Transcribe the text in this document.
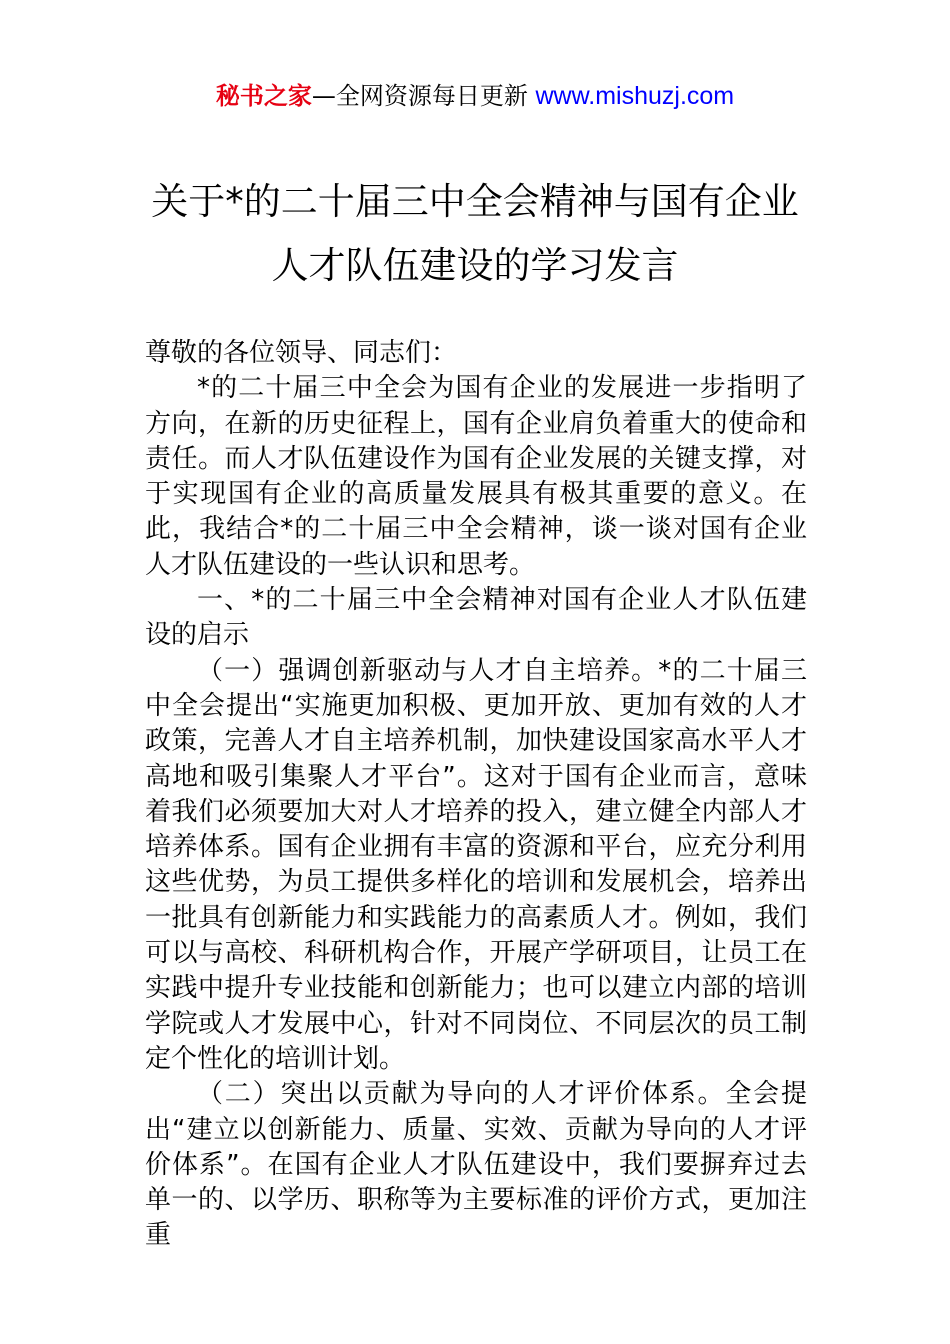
秘书之家—全网资源每日更新 www.mishuzj.com
关于*的二十届三中全会精神与国有企业
人才队伍建设的学习发言

尊敬的各位领导、同志们：

*的二十届三中全会为国有企业的发展进一步指明了方向，在新的历史征程上，国有企业肩负着重大的使命和责任。而人才队伍建设作为国有企业发展的关键支撑，对于实现国有企业的高质量发展具有极其重要的意义。在此，我结合*的二十届三中全会精神，谈一谈对国有企业人才队伍建设的一些认识和思考。

一、*的二十届三中全会精神对国有企业人才队伍建设的启示

（一）强调创新驱动与人才自主培养。*的二十届三中全会提出“实施更加积极、更加开放、更加有效的人才政策，完善人才自主培养机制，加快建设国家高水平人才高地和吸引集聚人才平台”。这对于国有企业而言，意味着我们必须要加大对人才培养的投入，建立健全内部人才培养体系。国有企业拥有丰富的资源和平台，应充分利用这些优势，为员工提供多样化的培训和发展机会，培养出一批具有创新能力和实践能力的高素质人才。例如，我们可以与高校、科研机构合作，开展产学研项目，让员工在实践中提升专业技能和创新能力；也可以建立内部的培训学院或人才发展中心，针对不同岗位、不同层次的员工制定个性化的培训计划。

（二）突出以贡献为导向的人才评价体系。全会提出“建立以创新能力、质量、实效、贡献为导向的人才评价体系”。在国有企业人才队伍建设中，我们要摒弃过去单一的、以学历、职称等为主要标准的评价方式，更加注重
